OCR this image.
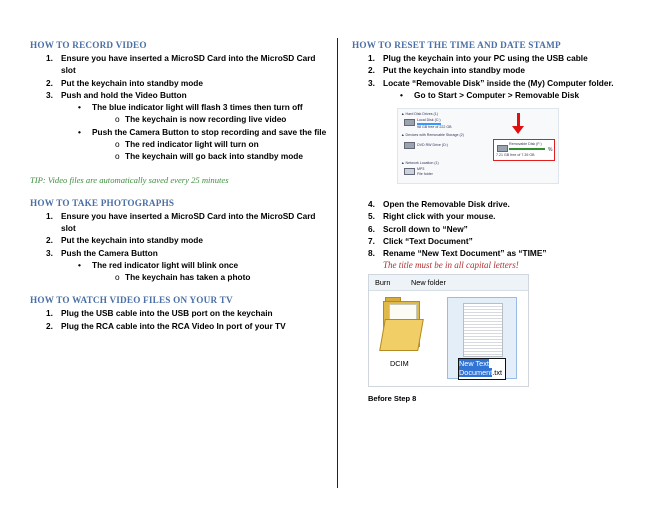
HOW TO RECORD VIDEO
1. Ensure you have inserted a MicroSD Card into the MicroSD Card slot
2. Put the keychain into standby mode
3. Push and hold the Video Button
• The blue indicator light will flash 3 times then turn off
o The keychain is now recording live video
• Push the Camera Button to stop recording and save the file
o The red indicator light will turn on
o The keychain will go back into standby mode
TIP: Video files are automatically saved every 25 minutes
HOW TO TAKE PHOTOGRAPHS
1. Ensure you have inserted a MicroSD Card into the MicroSD Card slot
2. Put the keychain into standby mode
3. Push the Camera Button
• The red indicator light will blink once
o The keychain has taken a photo
HOW TO WATCH VIDEO FILES ON YOUR TV
1. Plug the USB cable into the USB port on the keychain
2. Plug the RCA cable into the RCA Video In port of your TV
HOW TO RESET THE TIME AND DATE STAMP
1. Plug the keychain into your PC using the USB cable
2. Put the keychain into standby mode
3. Locate “Removable Disk” inside the (My) Computer folder.
• Go to Start > Computer > Removable Disk
▲ Hard Disk Drives (1)
Local Disk (C:)
98 GB free of 222 GB
▲ Devices with Removable Storage (2)
DVD RW Drive (D:)	Removable Disk (F:)
7.21 GB free of 7.39 GB
%
▲ Network Location (1)
MP3
File folder
4. Open the Removable Disk drive.
5. Right click with your mouse.
6. Scroll down to “New”
7. Click “Text Document”
8. Rename “New Text Document” as “TIME”
The title must be in all capital letters!
Burn	New folder
DCIM	New Text Document.txt
Before Step 8
